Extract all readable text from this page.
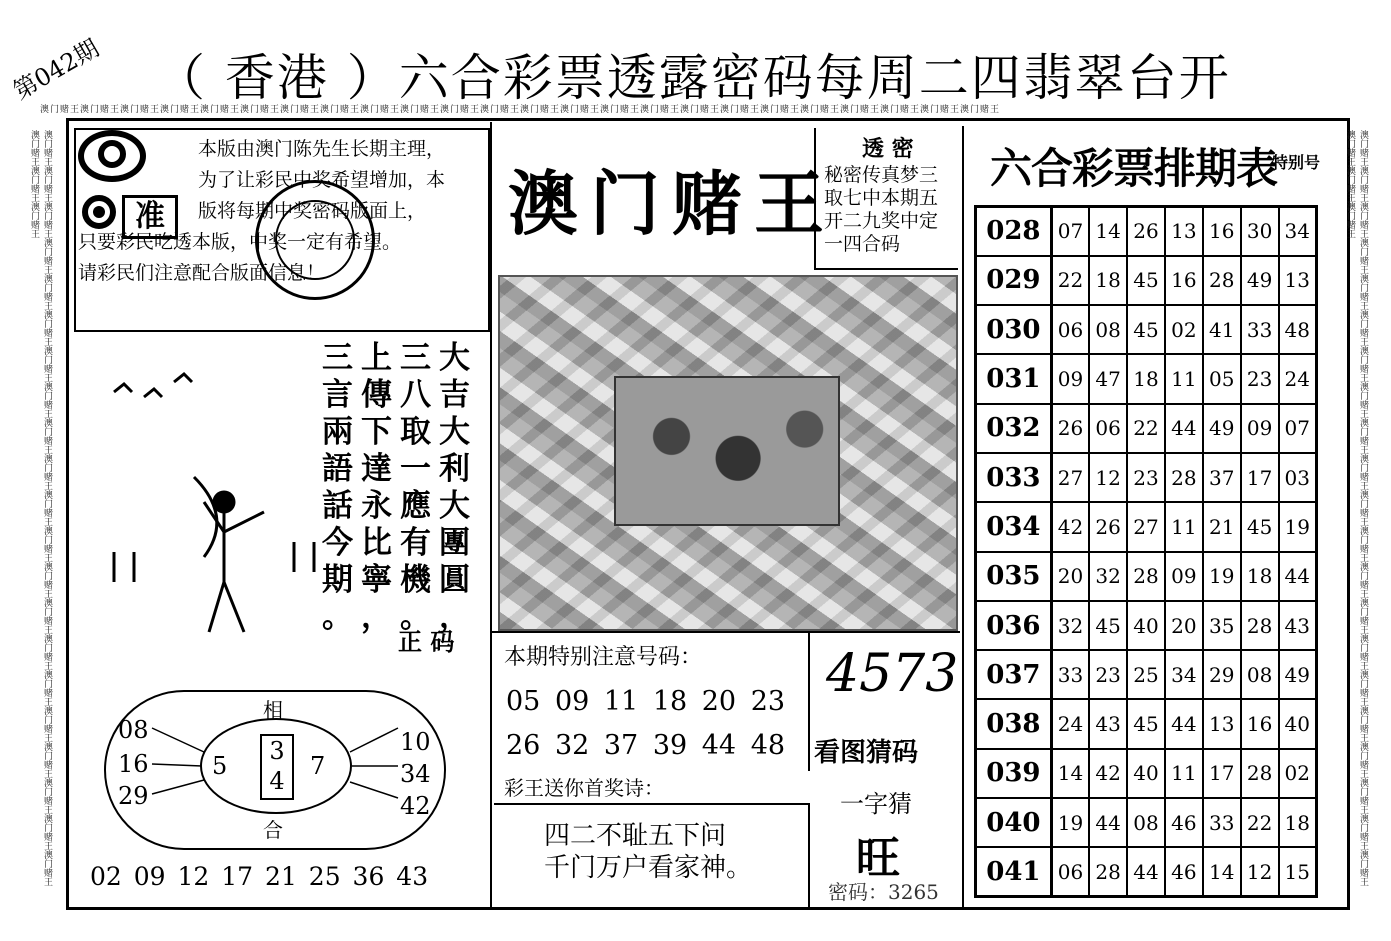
第042期 （ 香港 ）六合彩票透露密码每周二四翡翠台开
澳门赌王澳门赌王澳门赌王澳门赌王澳门赌王澳门赌王澳门赌王澳门赌王澳门赌王澳门赌王澳门赌王澳门赌王澳门赌王澳门赌王澳门赌王澳门赌王澳门赌王澳门赌王澳门赌王澳门赌王澳门赌王澳门赌王澳门赌王澳门赌王
澳门赌王澳门赌王澳门赌王澳门赌王澳门赌王澳门赌王澳门赌王澳门赌王澳门赌王澳门赌王澳门赌王澳门赌王澳门赌王澳门赌王澳门赌王澳门赌王澳门赌王澳门赌王澳门赌王澳门赌王澳门赌王澳门赌王澳门赌王澳门赌王	澳门赌王澳门赌王澳门赌王澳门赌王澳门赌王澳门赌王澳门赌王澳门赌王澳门赌王澳门赌王澳门赌王澳门赌王澳门赌王澳门赌王澳门赌王澳门赌王澳门赌王澳门赌王澳门赌王澳门赌王澳门赌王澳门赌王澳门赌王澳门赌王
准

本版由澳门陈先生长期主理，

为了让彩民中奖希望增加，本

版将每期中奖密码版面上，

只要彩民吃透本版，中奖一定有希望。

请彩民们注意配合版面信息！

三 上 三 大
言 傳 八 吉
兩 下 取 大
語 達 一 利
話 永 應 大
今 比 有 團
期 寧 機 圓
。 ， 。 ，
正 码
08
16
29
10
34
42
5	7
相
合
3
4
02 09 12 17 21 25 36 43
澳门赌王
透 密

秘密传真梦三

取七中本期五

开二九奖中定

一四合码

本期特别注意号码：
05 09 11 18 20 23
26 32 37 39 44 48
4573
看图猜码
彩王送你首奖诗：

四二不耻五下问

千门万户看家神。

一字猜
旺
密码：3265
六合彩票排期表
特别号
028	07	14	26	13	16	30	34
029	22	18	45	16	28	49	13
030	06	08	45	02	41	33	48
031	09	47	18	11	05	23	24
032	26	06	22	44	49	09	07
033	27	12	23	28	37	17	03
034	42	26	27	11	21	45	19
035	20	32	28	09	19	18	44
036	32	45	40	20	35	28	43
037	33	23	25	34	29	08	49
038	24	43	45	44	13	16	40
039	14	42	40	11	17	28	02
040	19	44	08	46	33	22	18
041	06	28	44	46	14	12	15
